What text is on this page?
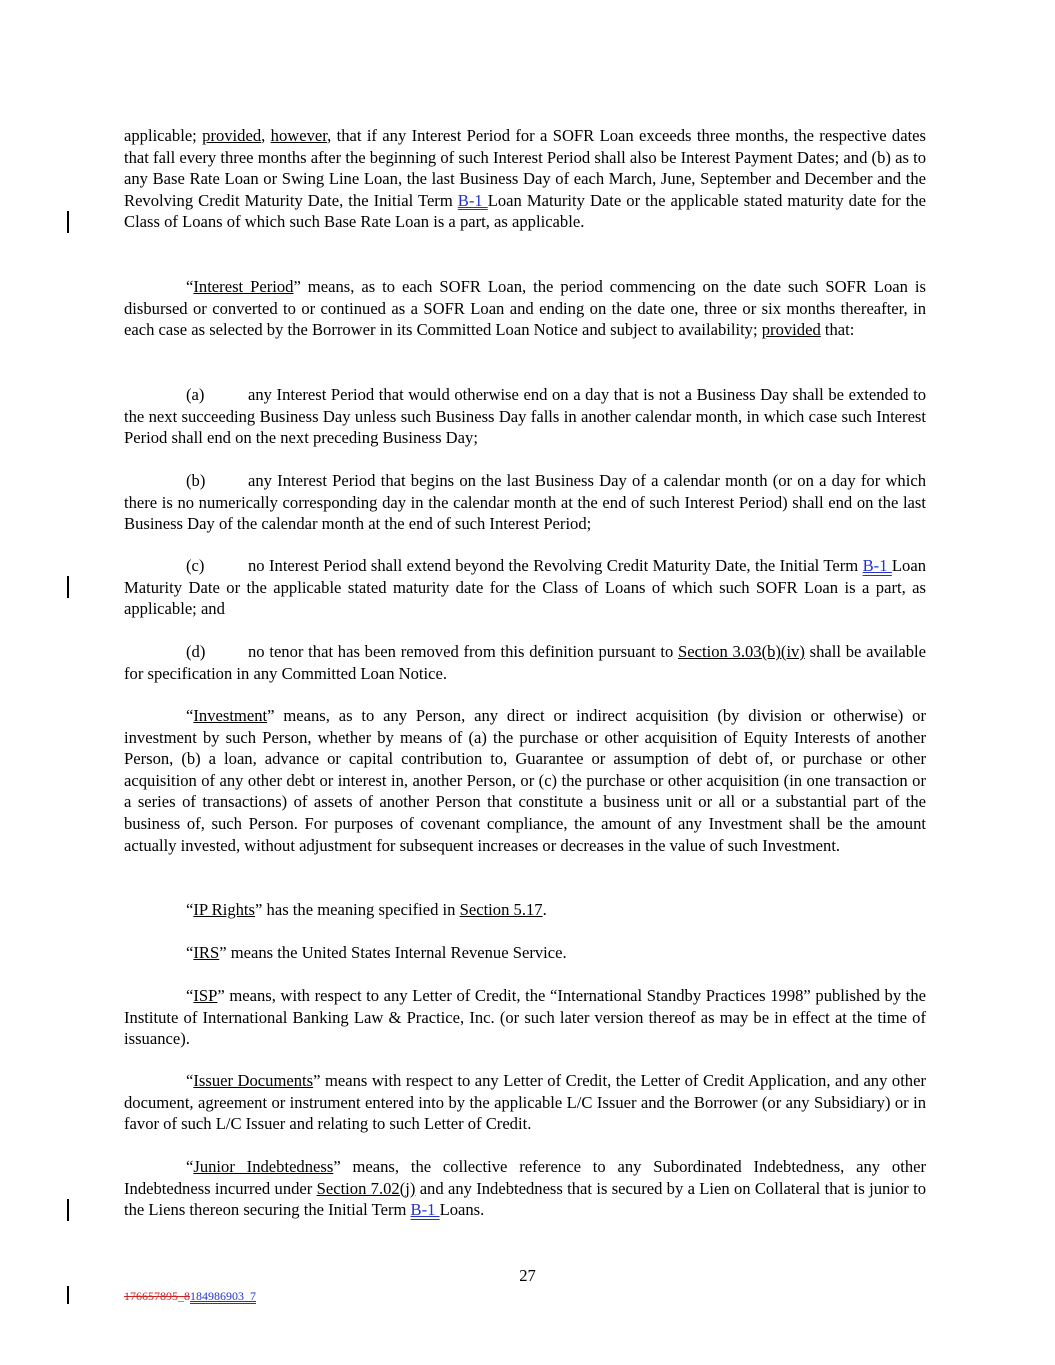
applicable; provided, however, that if any Interest Period for a SOFR Loan exceeds three months, the respective dates that fall every three months after the beginning of such Interest Period shall also be Interest Payment Dates; and (b) as to any Base Rate Loan or Swing Line Loan, the last Business Day of each March, June, September and December and the Revolving Credit Maturity Date, the Initial Term B-1 Loan Maturity Date or the applicable stated maturity date for the Class of Loans of which such Base Rate Loan is a part, as applicable.

“Interest Period” means, as to each SOFR Loan, the period commencing on the date such SOFR Loan is disbursed or converted to or continued as a SOFR Loan and ending on the date one, three or six months thereafter, in each case as selected by the Borrower in its Committed Loan Notice and subject to availability; provided that:

(a)	any Interest Period that would otherwise end on a day that is not a Business Day shall be extended to the next succeeding Business Day unless such Business Day falls in another calendar month, in which case such Interest Period shall end on the next preceding Business Day;

(b)	any Interest Period that begins on the last Business Day of a calendar month (or on a day for which there is no numerically corresponding day in the calendar month at the end of such Interest Period) shall end on the last Business Day of the calendar month at the end of such Interest Period;

(c)	no Interest Period shall extend beyond the Revolving Credit Maturity Date, the Initial Term B-1 Loan Maturity Date or the applicable stated maturity date for the Class of Loans of which such SOFR Loan is a part, as applicable; and

(d)	no tenor that has been removed from this definition pursuant to Section 3.03(b)(iv) shall be available for specification in any Committed Loan Notice.

“Investment” means, as to any Person, any direct or indirect acquisition (by division or otherwise) or investment by such Person, whether by means of (a) the purchase or other acquisition of Equity Interests of another Person, (b) a loan, advance or capital contribution to, Guarantee or assumption of debt of, or purchase or other acquisition of any other debt or interest in, another Person, or (c) the purchase or other acquisition (in one transaction or a series of transactions) of assets of another Person that constitute a business unit or all or a substantial part of the business of, such Person. For purposes of covenant compliance, the amount of any Investment shall be the amount actually invested, without adjustment for subsequent increases or decreases in the value of such Investment.

“IP Rights” has the meaning specified in Section 5.17.

“IRS” means the United States Internal Revenue Service.

“ISP” means, with respect to any Letter of Credit, the “International Standby Practices 1998” published by the Institute of International Banking Law & Practice, Inc. (or such later version thereof as may be in effect at the time of issuance).

“Issuer Documents” means with respect to any Letter of Credit, the Letter of Credit Application, and any other document, agreement or instrument entered into by the applicable L/C Issuer and the Borrower (or any Subsidiary) or in favor of such L/C Issuer and relating to such Letter of Credit.

“Junior Indebtedness” means, the collective reference to any Subordinated Indebtedness, any other Indebtedness incurred under Section 7.02(j) and any Indebtedness that is secured by a Lien on Collateral that is junior to the Liens thereon securing the Initial Term B-1 Loans.

27
176657895_8184986903_7
